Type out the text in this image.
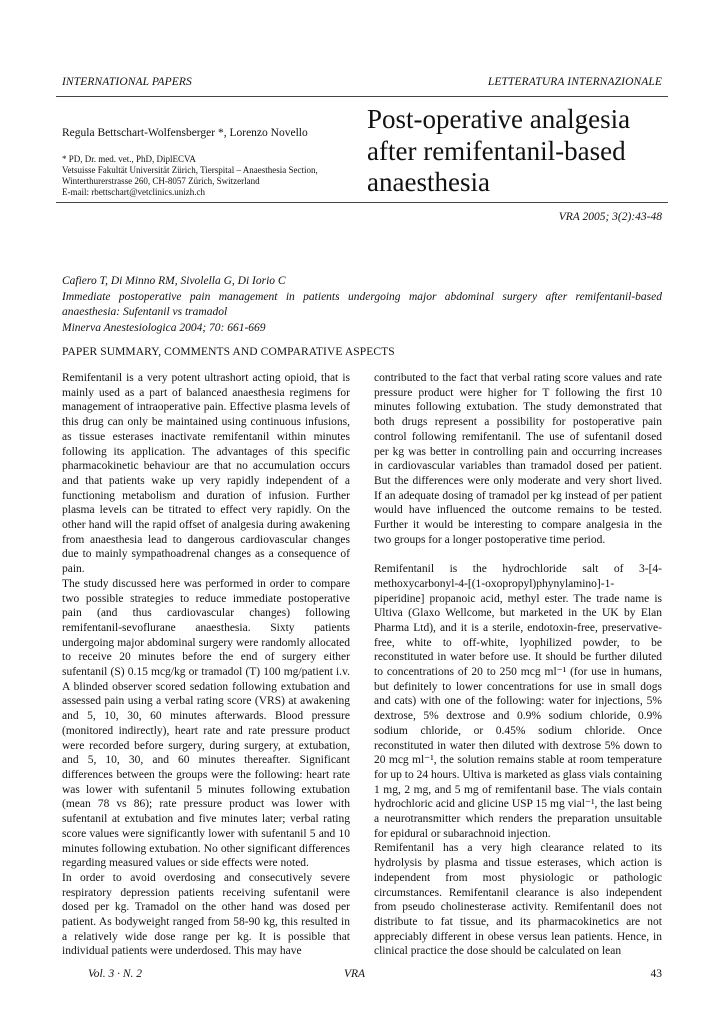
INTERNATIONAL PAPERS	LETTERATURA INTERNAZIONALE
Regula Bettschart-Wolfensberger *, Lorenzo Novello
* PD, Dr. med. vet., PhD, DiplECVA
Vetsuisse Fakultät Universität Zürich, Tierspital – Anaesthesia Section,
Winterthurerstrasse 260, CH-8057 Zürich, Switzerland
E-mail: rbettschart@vetclinics.unizh.ch
Post-operative analgesia
after remifentanil-based
anaesthesia
VRA 2005; 3(2):43-48
Cafiero T, Di Minno RM, Sivolella G, Di Iorio C
Immediate postoperative pain management in patients undergoing major abdominal surgery after remifentanil-based anaesthesia: Sufentanil vs tramadol
Minerva Anestesiologica 2004; 70: 661-669
PAPER SUMMARY, COMMENTS AND COMPARATIVE ASPECTS

Remifentanil is a very potent ultrashort acting opioid, that is mainly used as a part of balanced anaesthesia regimens for management of intraoperative pain. Effective plasma levels of this drug can only be maintained using continuous infusions, as tissue esterases inactivate remifentanil within minutes following its application. The advantages of this specific pharmacokinetic behaviour are that no accumulation occurs and that patients wake up very rapidly independent of a functioning metabolism and duration of infusion. Further plasma levels can be titrated to effect very rapidly. On the other hand will the rapid offset of analgesia during awakening from anaesthesia lead to dangerous cardiovascular changes due to mainly sympathoadrenal changes as a consequence of pain.

The study discussed here was performed in order to compare two possible strategies to reduce immediate postoperative pain (and thus cardiovascular changes) following remifentanil-sevoflurane anaesthesia. Sixty patients undergoing major abdominal surgery were randomly allocated to receive 20 minutes before the end of surgery either sufentanil (S) 0.15 mcg/kg or tramadol (T) 100 mg/patient i.v. A blinded observer scored sedation following extubation and assessed pain using a verbal rating score (VRS) at awakening and 5, 10, 30, 60 minutes afterwards. Blood pressure (monitored indirectly), heart rate and rate pressure product were recorded before surgery, during surgery, at extubation, and 5, 10, 30, and 60 minutes thereafter. Significant differences between the groups were the following: heart rate was lower with sufentanil 5 minutes following extubation (mean 78 vs 86); rate pressure product was lower with sufentanil at extubation and five minutes later; verbal rating score values were significantly lower with sufentanil 5 and 10 minutes following extubation. No other significant differences regarding measured values or side effects were noted.

In order to avoid overdosing and consecutively severe respiratory depression patients receiving sufentanil were dosed per kg. Tramadol on the other hand was dosed per patient. As bodyweight ranged from 58-90 kg, this resulted in a relatively wide dose range per kg. It is possible that individual patients were underdosed. This may have

contributed to the fact that verbal rating score values and rate pressure product were higher for T following the first 10 minutes following extubation. The study demonstrated that both drugs represent a possibility for postoperative pain control following remifentanil. The use of sufentanil dosed per kg was better in controlling pain and occurring increases in cardiovascular variables than tramadol dosed per patient. But the differences were only moderate and very short lived. If an adequate dosing of tramadol per kg instead of per patient would have influenced the outcome remains to be tested. Further it would be interesting to compare analgesia in the two groups for a longer postoperative time period.

Remifentanil is the hydrochloride salt of 3-[4-methoxycarbonyl-4-[(1-oxopropyl)phynylamino]-1-piperidine] propanoic acid, methyl ester. The trade name is Ultiva (Glaxo Wellcome, but marketed in the UK by Elan Pharma Ltd), and it is a sterile, endotoxin-free, preservative-free, white to off-white, lyophilized powder, to be reconstituted in water before use. It should be further diluted to concentrations of 20 to 250 mcg ml⁻¹ (for use in humans, but definitely to lower concentrations for use in small dogs and cats) with one of the following: water for injections, 5% dextrose, 5% dextrose and 0.9% sodium chloride, 0.9% sodium chloride, or 0.45% sodium chloride. Once reconstituted in water then diluted with dextrose 5% down to 20 mcg ml⁻¹, the solution remains stable at room temperature for up to 24 hours. Ultiva is marketed as glass vials containing 1 mg, 2 mg, and 5 mg of remifentanil base. The vials contain hydrochloric acid and glicine USP 15 mg vial⁻¹, the last being a neurotransmitter which renders the preparation unsuitable for epidural or subarachnoid injection.

Remifentanil has a very high clearance related to its hydrolysis by plasma and tissue esterases, which action is independent from most physiologic or pathologic circumstances. Remifentanil clearance is also independent from pseudo cholinesterase activity. Remifentanil does not distribute to fat tissue, and its pharmacokinetics are not appreciably different in obese versus lean patients. Hence, in clinical practice the dose should be calculated on lean

Vol. 3 · N. 2	VRA	43
